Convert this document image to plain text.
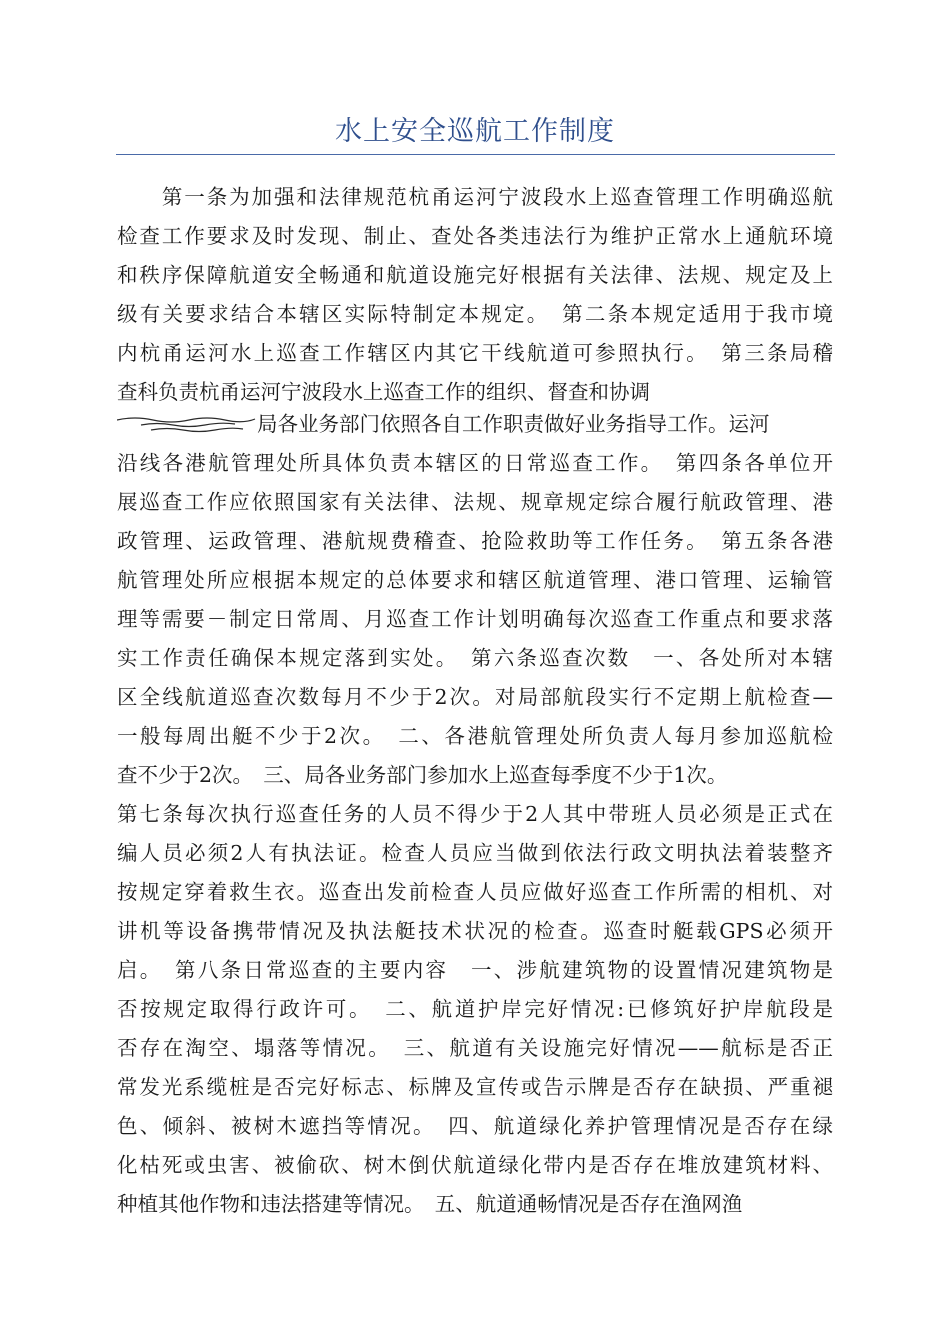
水上安全巡航工作制度
　　第一条为加强和法律规范杭甬运河宁波段水上巡查管理工作明确巡航
检查工作要求及时发现、制止、查处各类违法行为维护正常水上通航环境
和秩序保障航道安全畅通和航道设施完好根据有关法律、法规、规定及上
级有关要求结合本辖区实际特制定本规定。　第二条本规定适用于我市境
内杭甬运河水上巡查工作辖区内其它干线航道可参照执行。　第三条局稽
查科负责杭甬运河宁波段水上巡查工作的组织、督查和协调
局各业务部门依照各自工作职责做好业务指导工作。运河
沿线各港航管理处所具体负责本辖区的日常巡查工作。　第四条各单位开
展巡查工作应依照国家有关法律、法规、规章规定综合履行航政管理、港
政管理、运政管理、港航规费稽查、抢险救助等工作任务。　第五条各港
航管理处所应根据本规定的总体要求和辖区航道管理、港口管理、运输管
理等需要－制定日常周、月巡查工作计划明确每次巡查工作重点和要求落
实工作责任确保本规定落到实处。　第六条巡查次数　一、各处所对本辖
区全线航道巡查次数每月不少于2次。对局部航段实行不定期上航检查—
一般每周出艇不少于2次。　二、各港航管理处所负责人每月参加巡航检
查不少于2次。　三、局各业务部门参加水上巡查每季度不少于1次。
第七条每次执行巡查任务的人员不得少于2人其中带班人员必须是正式在
编人员必须2人有执法证。检查人员应当做到依法行政文明执法着装整齐
按规定穿着救生衣。巡查出发前检查人员应做好巡查工作所需的相机、对
讲机等设备携带情况及执法艇技术状况的检查。巡查时艇载GPS必须开
启。　第八条日常巡查的主要内容　一、涉航建筑物的设置情况建筑物是
否按规定取得行政许可。　二、航道护岸完好情况:已修筑好护岸航段是
否存在淘空、塌落等情况。　三、航道有关设施完好情况——航标是否正
常发光系缆桩是否完好标志、标牌及宣传或告示牌是否存在缺损、严重褪
色、倾斜、被树木遮挡等情况。　四、航道绿化养护管理情况是否存在绿
化枯死或虫害、被偷砍、树木倒伏航道绿化带内是否存在堆放建筑材料、
种植其他作物和违法搭建等情况。　五、航道通畅情况是否存在渔网渔
